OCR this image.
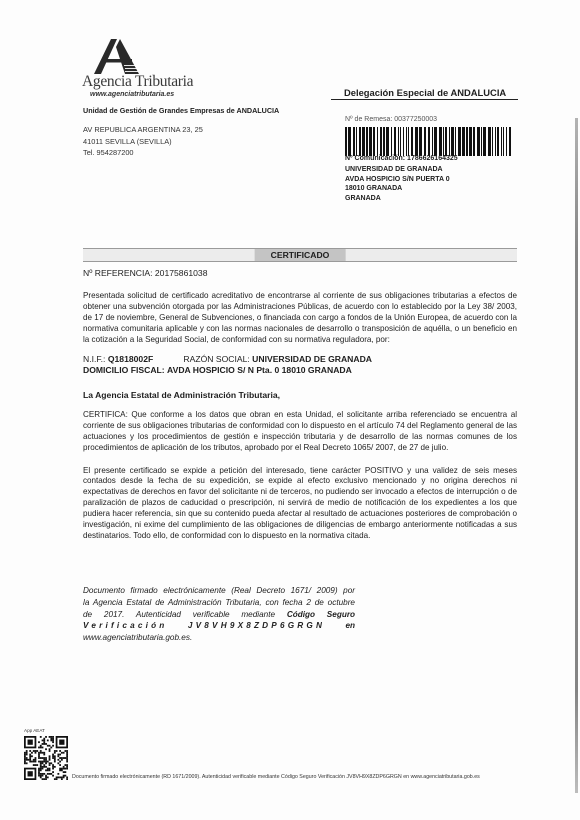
Agencia Tributaria
www.agenciatributaria.es	Delegación Especial de ANDALUCIA
Unidad de Gestión de Grandes Empresas de ANDALUCIA
AV REPUBLICA ARGENTINA 23, 25
41011 SEVILLA (SEVILLA)
Tel. 954287200
Nº de Remesa: 00377250003
Nº Comunicación: 1786626164325
UNIVERSIDAD DE GRANADA
AVDA HOSPICIO S/N PUERTA 0
18010 GRANADA
GRANADA
CERTIFICADO
Nº REFERENCIA: 20175861038
Presentada solicitud de certificado acreditativo de encontrarse al corriente de sus obligaciones tributarias a efectos de obtener una subvención otorgada por las Administraciones Públicas, de acuerdo con lo establecido por la Ley 38/ 2003, de 17 de noviembre, General de Subvenciones, o financiada con cargo a fondos de la Unión Europea, de acuerdo con la normativa comunitaria aplicable y con las normas nacionales de desarrollo o transposición de aquélla, o un beneficio en la cotización a la Seguridad Social, de conformidad con su normativa reguladora, por:
N.I.F.: Q1818002F	RAZÓN SOCIAL: UNIVERSIDAD DE GRANADA
DOMICILIO FISCAL: AVDA HOSPICIO S/ N Pta. 0 18010 GRANADA
La Agencia Estatal de Administración Tributaria,
CERTIFICA: Que conforme a los datos que obran en esta Unidad, el solicitante arriba referenciado se encuentra al corriente de sus obligaciones tributarias de conformidad con lo dispuesto en el artículo 74 del Reglamento general de las actuaciones y los procedimientos de gestión e inspección tributaria y de desarrollo de las normas comunes de los procedimientos de aplicación de los tributos, aprobado por el Real Decreto 1065/ 2007, de 27 de julio.
El presente certificado se expide a petición del interesado, tiene carácter POSITIVO y una validez de seis meses contados desde la fecha de su expedición, se expide al efecto exclusivo mencionado y no origina derechos ni expectativas de derechos en favor del solicitante ni de terceros, no pudiendo ser invocado a efectos de interrupción o de paralización de plazos de caducidad o prescripción, ni servirá de medio de notificación de los expedientes a los que pudiera hacer referencia, sin que su contenido pueda afectar al resultado de actuaciones posteriores de comprobación o investigación, ni exime del cumplimiento de las obligaciones de diligencias de embargo anteriormente notificadas a sus destinatarios. Todo ello, de conformidad con lo dispuesto en la normativa citada.
Documento firmado electrónicamente (Real Decreto 1671/ 2009) por
la Agencia Estatal de Administración Tributaria, con fecha 2 de octubre
de 2017. Autenticidad verificable mediante Código Seguro
Verificación JV8VH9X8ZDP6GRGN en
www.agenciatributaria.gob.es.
App AEAT
Documento firmado electrónicamente (RD 1671/2009). Autenticidad verificable mediante Código Seguro Verificación JV8VH9X8ZDP6GRGN en www.agenciatributaria.gob.es
